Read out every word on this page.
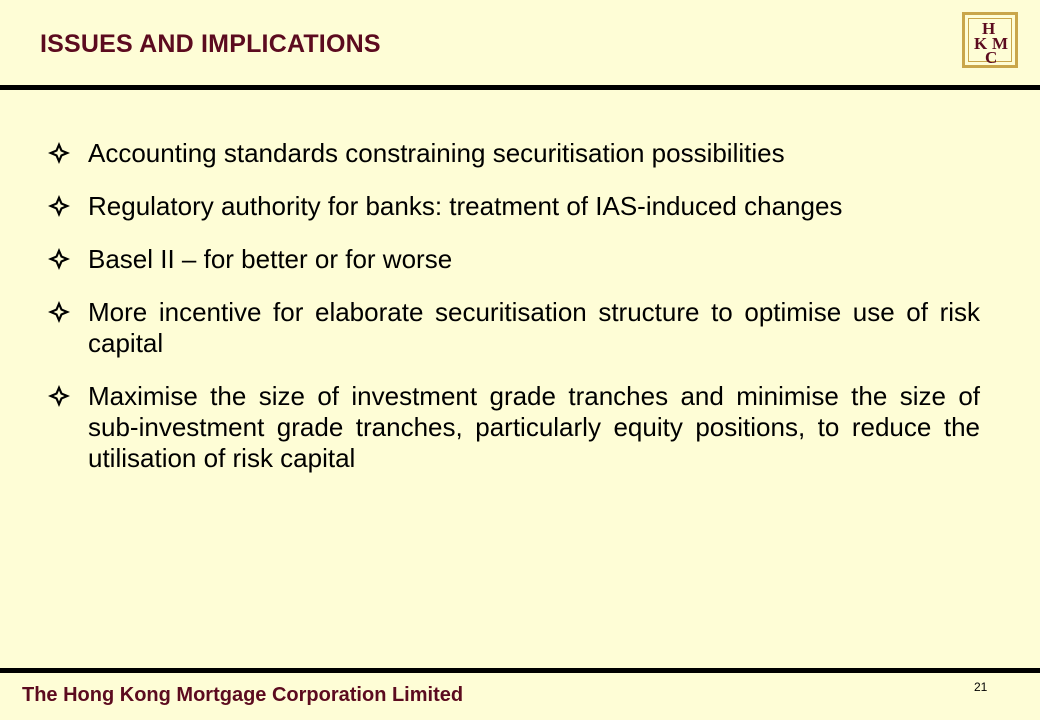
ISSUES AND IMPLICATIONS
H
K M
C
Accounting standards constraining securitisation possibilities
Regulatory authority for banks: treatment of IAS-induced changes
Basel II – for better or for worse
More incentive for elaborate securitisation structure to optimise use of risk capital
Maximise the size of investment grade tranches and minimise the size of sub-investment grade tranches, particularly equity positions, to reduce the utilisation of risk capital
The Hong Kong Mortgage Corporation Limited	21
